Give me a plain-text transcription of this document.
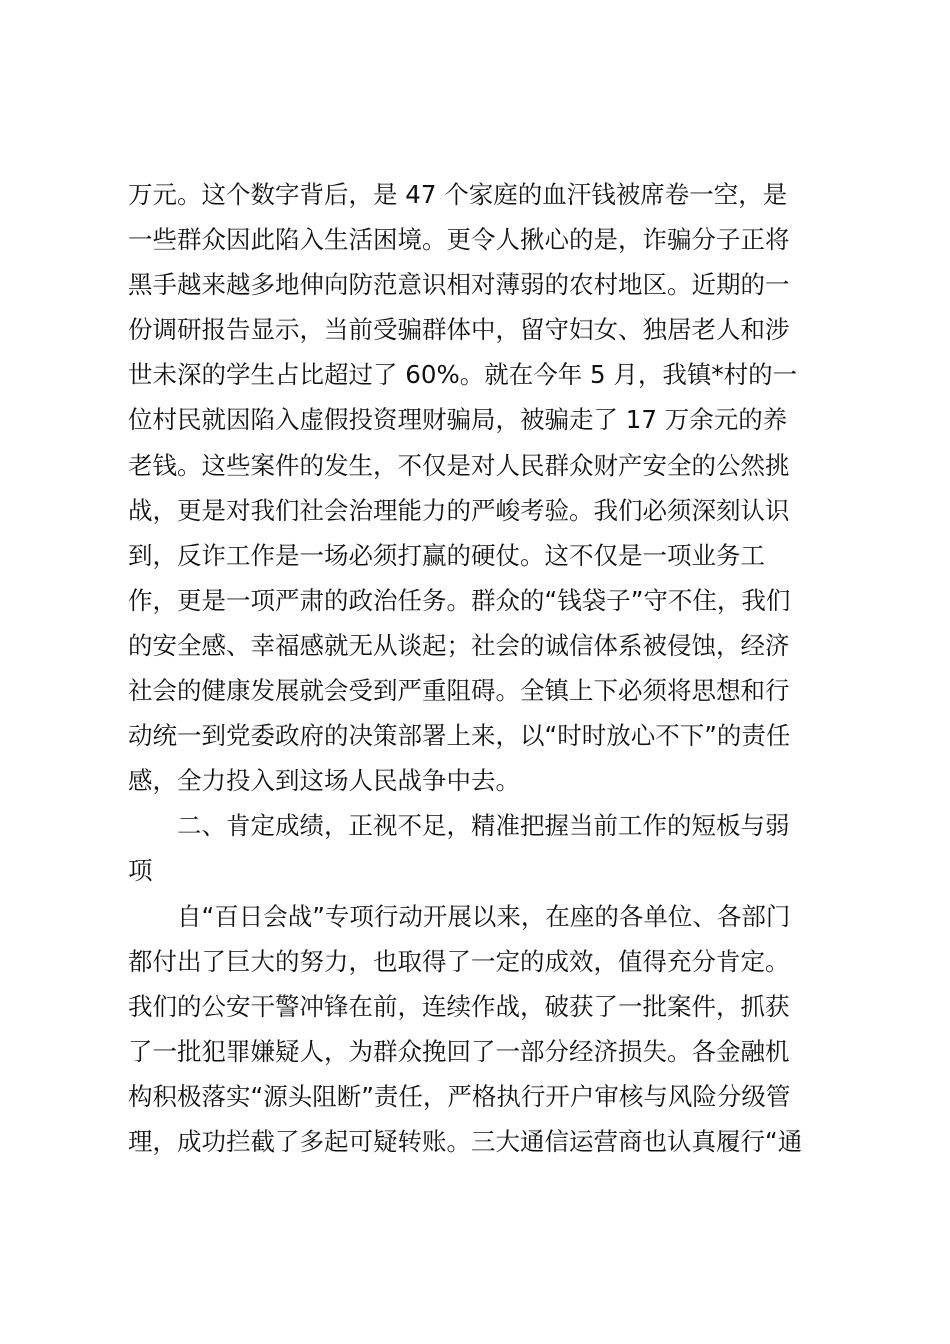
万元。这个数字背后，是 47 个家庭的血汗钱被席卷一空，是
一些群众因此陷入生活困境。更令人揪心的是，诈骗分子正将
黑手越来越多地伸向防范意识相对薄弱的农村地区。近期的一
份调研报告显示，当前受骗群体中，留守妇女、独居老人和涉
世未深的学生占比超过了 60%。就在今年 5 月，我镇*村的一
位村民就因陷入虚假投资理财骗局，被骗走了 17 万余元的养
老钱。这些案件的发生，不仅是对人民群众财产安全的公然挑
战，更是对我们社会治理能力的严峻考验。我们必须深刻认识
到，反诈工作是一场必须打赢的硬仗。这不仅是一项业务工
作，更是一项严肃的政治任务。群众的“钱袋子”守不住，我们
的安全感、幸福感就无从谈起；社会的诚信体系被侵蚀，经济
社会的健康发展就会受到严重阻碍。全镇上下必须将思想和行
动统一到党委政府的决策部署上来，以“时时放心不下”的责任
感，全力投入到这场人民战争中去。
二、肯定成绩，正视不足，精准把握当前工作的短板与弱
项
自“百日会战”专项行动开展以来，在座的各单位、各部门
都付出了巨大的努力，也取得了一定的成效，值得充分肯定。
我们的公安干警冲锋在前，连续作战，破获了一批案件，抓获
了一批犯罪嫌疑人，为群众挽回了一部分经济损失。各金融机
构积极落实“源头阻断”责任，严格执行开户审核与风险分级管
理，成功拦截了多起可疑转账。三大通信运营商也认真履行“通
